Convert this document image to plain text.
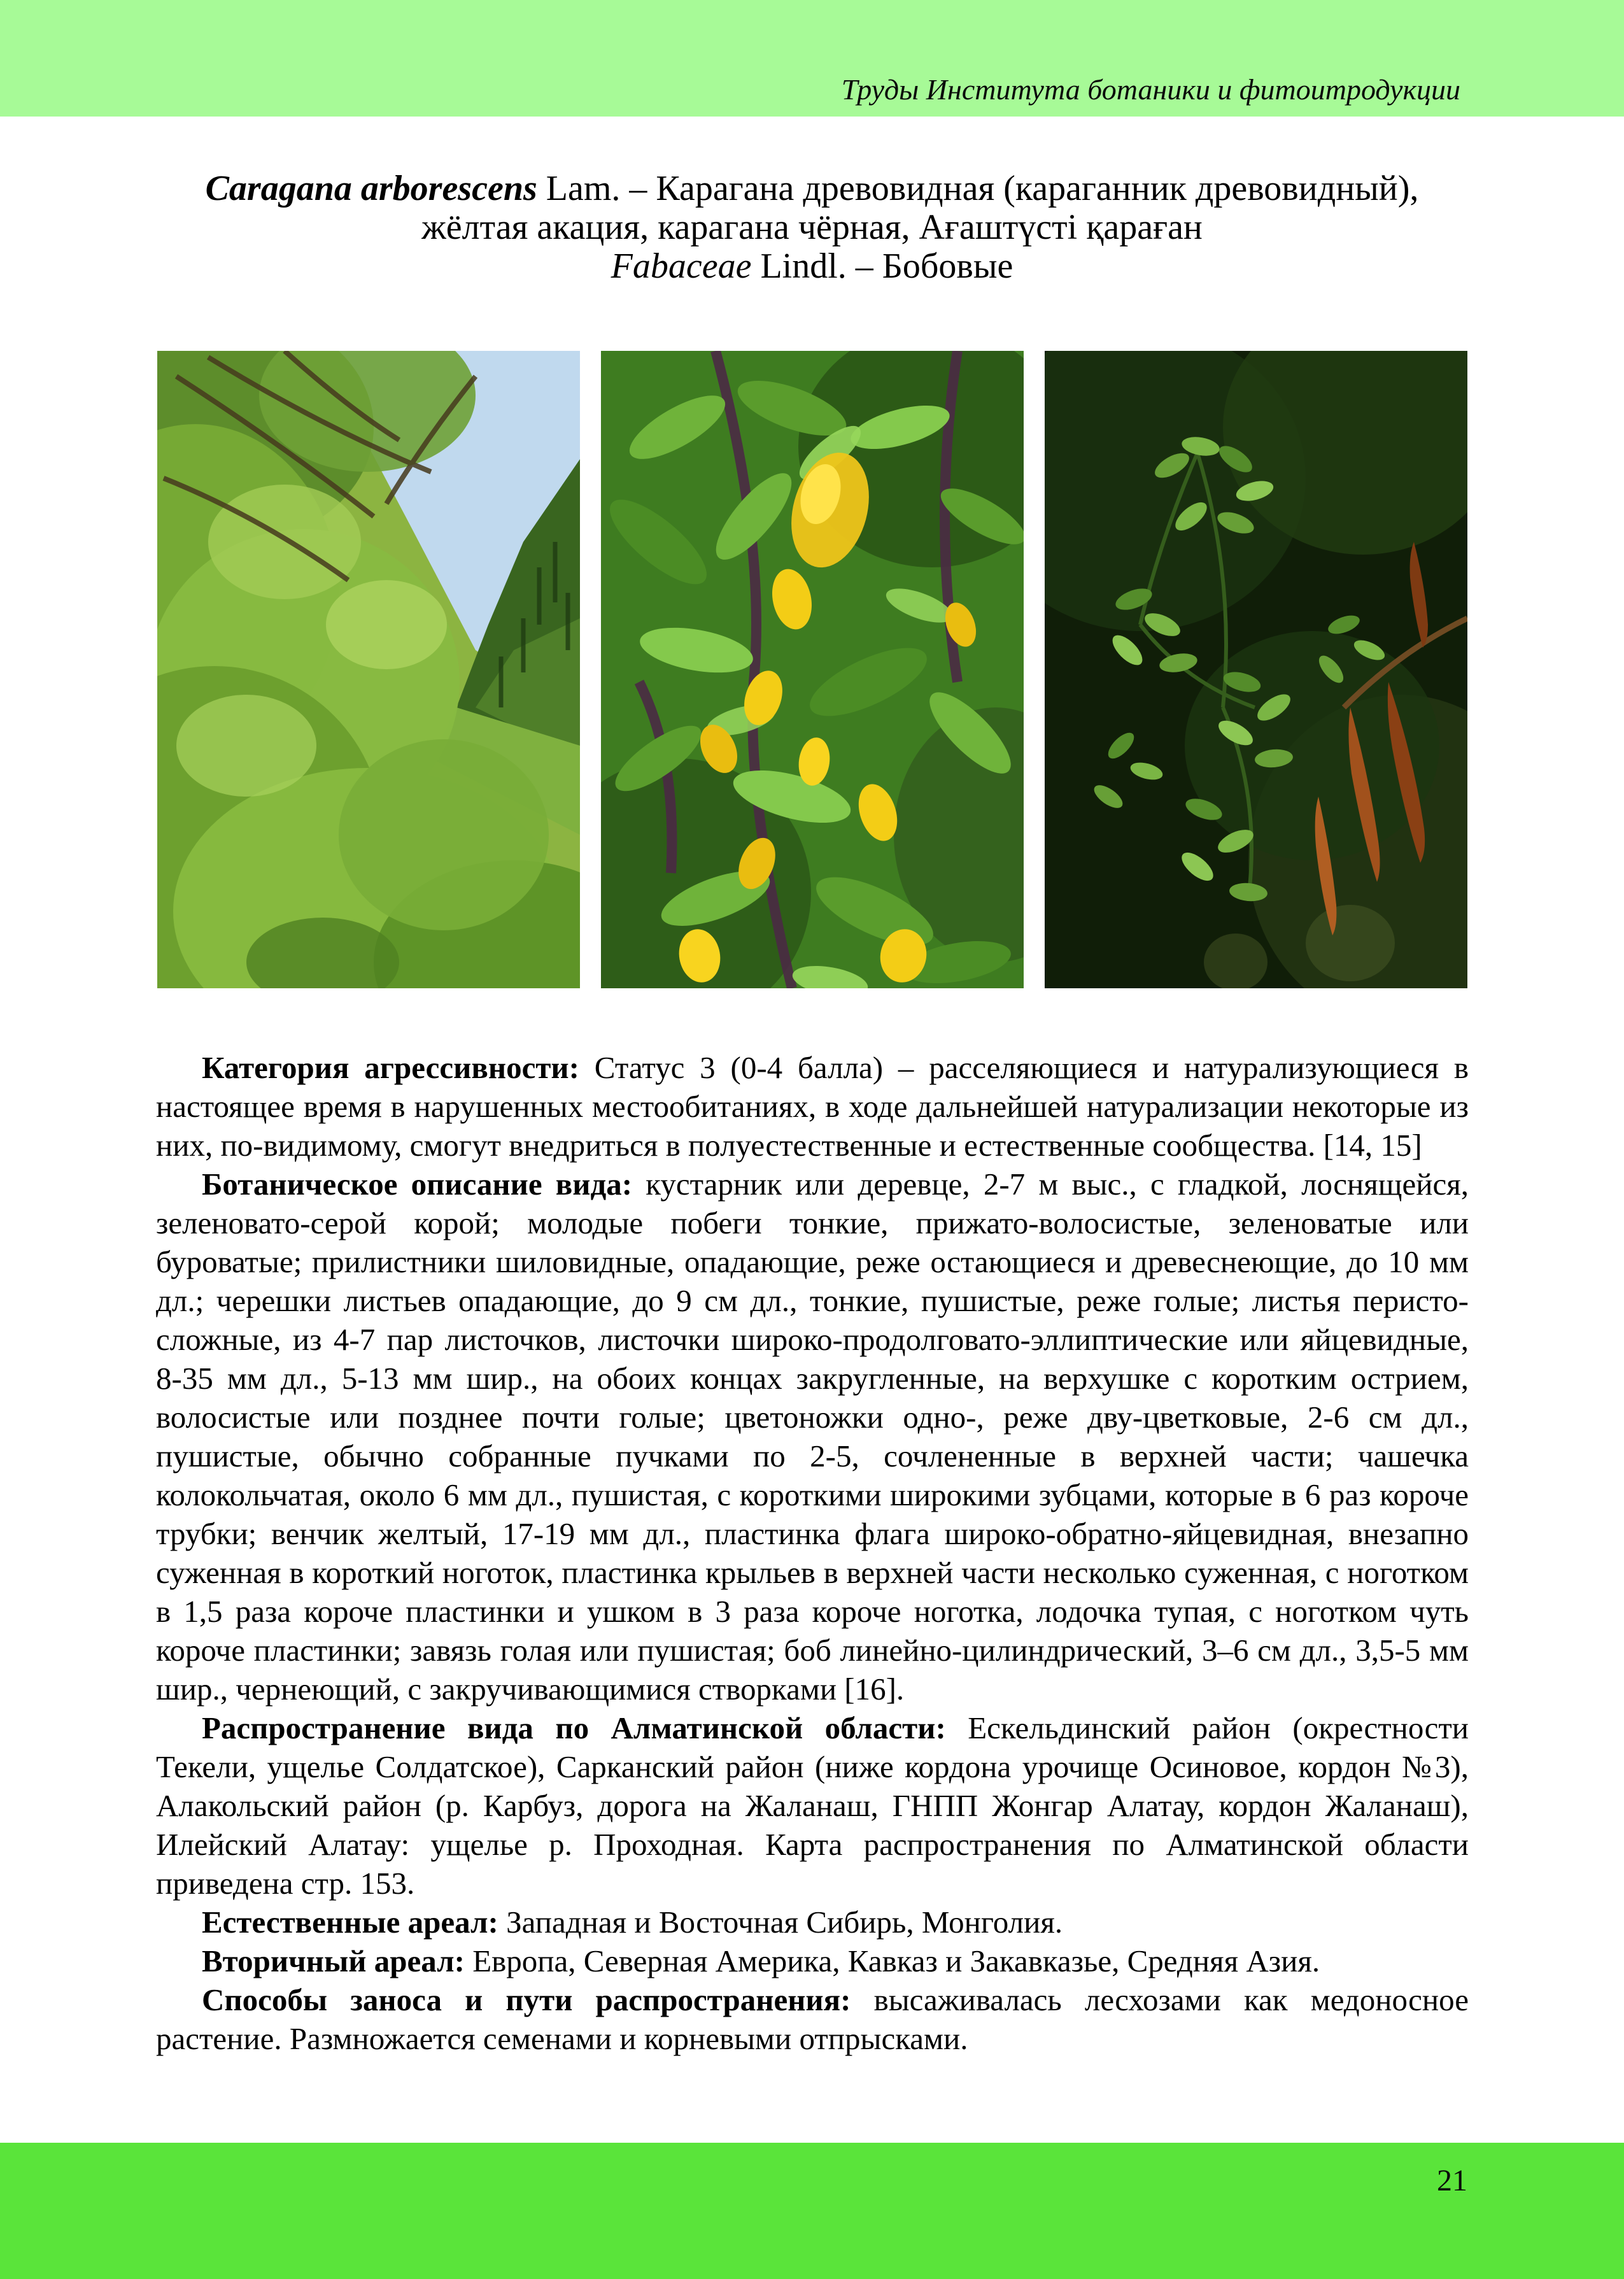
Труды Института ботаники и фитоитродукции
Caragana arborescens Lam. – Карагана древовидная (караганник древовидный),
жёлтая акация, карагана чёрная, Ағаштүсті қараған
Fabaceae Lindl. – Бобовые

Категория агрессивности: Статус 3 (0-4 балла) – расселяющиеся и натурализующиеся в настоящее время в нарушенных местообитаниях, в ходе дальнейшей натурализации некоторые из них, по-видимому, смогут внедриться в полуестественные и естественные сообщества. [14, 15]

Ботаническое описание вида: кустарник или деревце, 2-7 м выс., с гладкой, лоснящейся, зеленовато-серой корой; молодые побеги тонкие, прижато-волосистые, зеленоватые или буроватые; прилистники шиловидные, опадающие, реже остающиеся и древеснеющие, до 10 мм дл.; черешки листьев опадающие, до 9 см дл., тонкие, пушистые, реже голые; листья перисто-сложные, из 4-7 пар листочков, листочки широко-продолговато-эллиптические или яйцевидные, 8-35 мм дл., 5-13 мм шир., на обоих концах закругленные, на верхушке с коротким острием, волосистые или позднее почти голые; цветоножки одно-, реже дву-цветковые, 2-6 см дл., пушистые, обычно собранные пучками по 2-5, сочлененные в верхней части; чашечка колокольчатая, около 6 мм дл., пушистая, с короткими широкими зубцами, которые в 6 раз короче трубки; венчик желтый, 17-19 мм дл., пластинка флага широко-обратно-яйцевидная, внезапно суженная в короткий ноготок, пластинка крыльев в верхней части несколько суженная, с ноготком в 1,5 раза короче пластинки и ушком в 3 раза короче ноготка, лодочка тупая, с ноготком чуть короче пластинки; завязь голая или пушистая; боб линейно-цилиндрический, 3–6 см дл., 3,5-5 мм шир., чернеющий, с закручивающимися створками [16].

Распространение вида по Алматинской области: Ескельдинский район (окрестности Текели, ущелье Солдатское), Сарканский район (ниже кордона урочище Осиновое, кордон №3), Алакольский район (р. Карбуз, дорога на Жаланаш, ГНПП Жонгар Алатау, кордон Жаланаш), Илейский Алатау: ущелье р. Проходная. Карта распространения по Алматинской области приведена стр. 153.

Естественные ареал: Западная и Восточная Сибирь, Монголия.

Вторичный ареал: Европа, Северная Америка, Кавказ и Закавказье, Средняя Азия.

Способы заноса и пути распространения: высаживалась лесхозами как медоносное растение. Размножается семенами и корневыми отпрысками.

21
